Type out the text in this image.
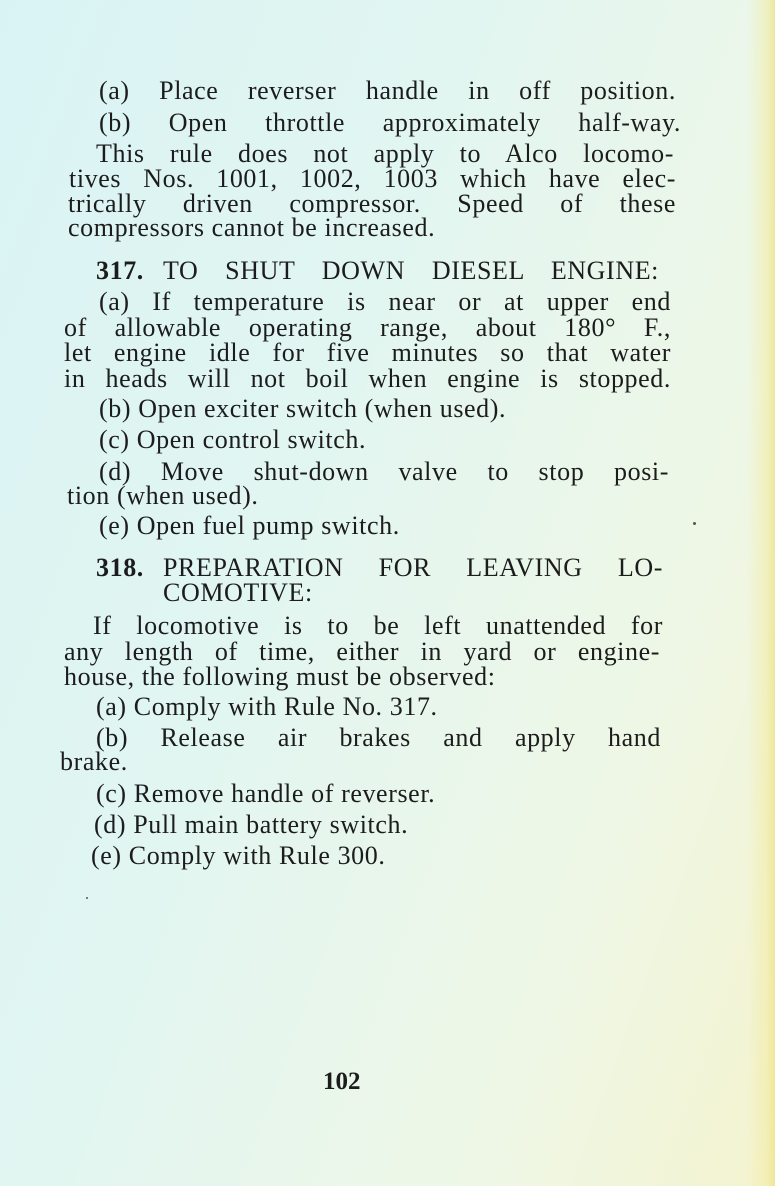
(a) Place reverser handle in off position.
(b) Open throttle approximately half-way.
This rule does not apply to Alco locomo-
tives Nos. 1001, 1002, 1003 which have elec-
trically driven compressor. Speed of these
compressors cannot be increased.
317. TO SHUT DOWN DIESEL ENGINE:
(a) If temperature is near or at upper end
of allowable operating range, about 180° F.,
let engine idle for five minutes so that water
in heads will not boil when engine is stopped.
(b) Open exciter switch (when used).
(c) Open control switch.
(d) Move shut-down valve to stop posi-
tion (when used).
(e) Open fuel pump switch.
318. PREPARATION FOR LEAVING LO-
COMOTIVE:
If locomotive is to be left unattended for
any length of time, either in yard or engine-
house, the following must be observed:
(a) Comply with Rule No. 317.
(b) Release air brakes and apply hand
brake.
(c) Remove handle of reverser.
(d) Pull main battery switch.
(e) Comply with Rule 300.
102
